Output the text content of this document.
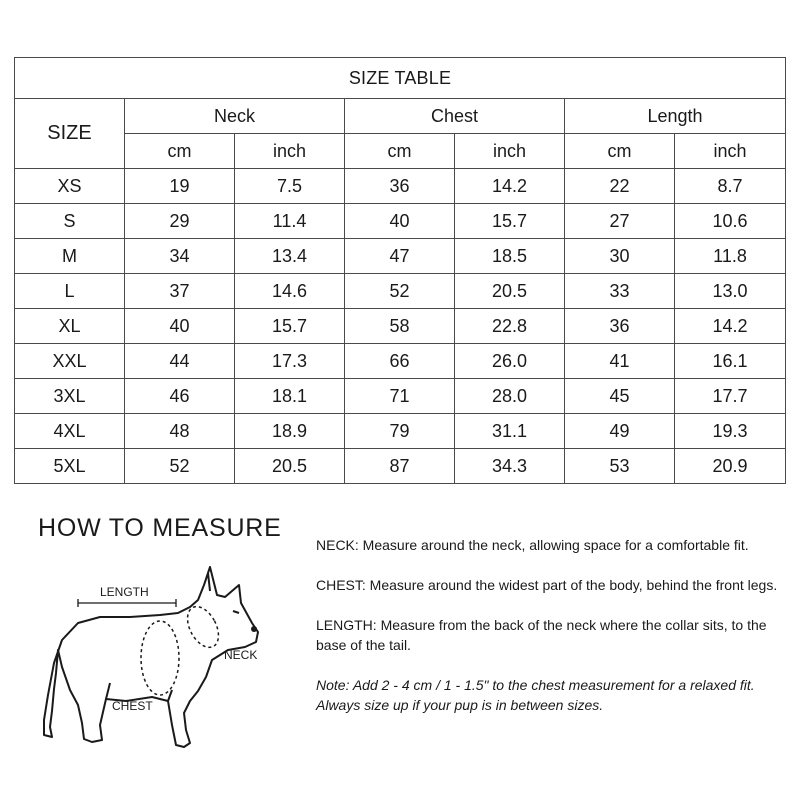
SIZE TABLE						
SIZE	Neck		Chest		Length	
	cm	inch	cm	inch	cm	inch
XS	19	7.5	36	14.2	22	8.7
S	29	11.4	40	15.7	27	10.6
M	34	13.4	47	18.5	30	11.8
L	37	14.6	52	20.5	33	13.0
XL	40	15.7	58	22.8	36	14.2
XXL	44	17.3	66	26.0	41	16.1
3XL	46	18.1	71	28.0	45	17.7
4XL	48	18.9	79	31.1	49	19.3
5XL	52	20.5	87	34.3	53	20.9
HOW TO MEASURE
LENGTH
NECK
CHEST

NECK: Measure around the neck, allowing space for a comfortable fit.

CHEST: Measure around the widest part of the body, behind the front legs.

LENGTH: Measure from the back of the neck where the collar sits, to the base of the tail.

Note: Add 2 - 4 cm / 1 - 1.5" to the chest measurement for a relaxed fit. Always size up if your pup is in between sizes.
